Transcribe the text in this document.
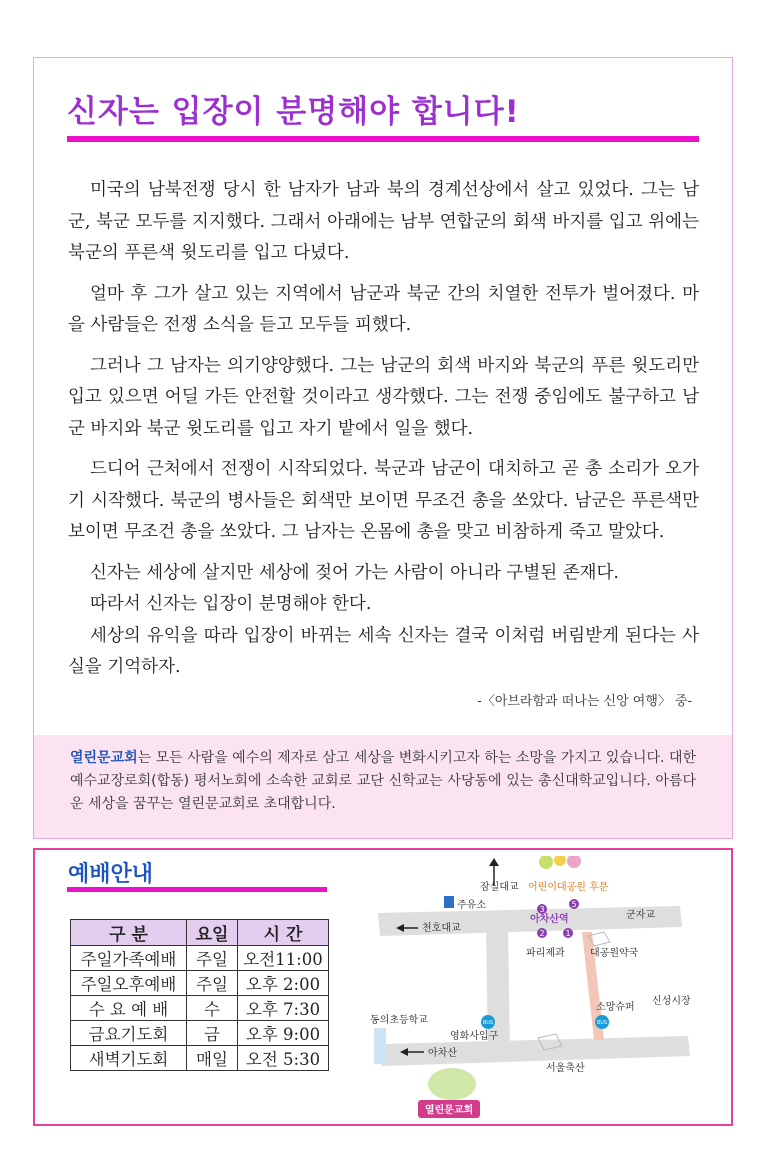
신자는 입장이 분명해야 합니다!

미국의 남북전쟁 당시 한 남자가 남과 북의 경계선상에서 살고 있었다. 그는 남군, 북군 모두를 지지했다. 그래서 아래에는 남부 연합군의 회색 바지를 입고 위에는 북군의 푸른색 윗도리를 입고 다녔다.

얼마 후 그가 살고 있는 지역에서 남군과 북군 간의 치열한 전투가 벌어졌다. 마을 사람들은 전쟁 소식을 듣고 모두들 피했다.

그러나 그 남자는 의기양양했다. 그는 남군의 회색 바지와 북군의 푸른 윗도리만 입고 있으면 어딜 가든 안전할 것이라고 생각했다. 그는 전쟁 중임에도 불구하고 남군 바지와 북군 윗도리를 입고 자기 밭에서 일을 했다.

드디어 근처에서 전쟁이 시작되었다. 북군과 남군이 대치하고 곧 총 소리가 오가기 시작했다. 북군의 병사들은 회색만 보이면 무조건 총을 쏘았다. 남군은 푸른색만 보이면 무조건 총을 쏘았다. 그 남자는 온몸에 총을 맞고 비참하게 죽고 말았다.

신자는 세상에 살지만 세상에 젖어 가는 사람이 아니라 구별된 존재다.

따라서 신자는 입장이 분명해야 한다.

세상의 유익을 따라 입장이 바뀌는 세속 신자는 결국 이처럼 버림받게 된다는 사실을 기억하자.

-〈아브라함과 떠나는 신앙 여행〉 중-
열린문교회는 모든 사람을 예수의 제자로 삼고 세상을 변화시키고자 하는 소망을 가지고 있습니다. 대한예수교장로회(합동) 평서노회에 소속한 교회로 교단 신학교는 사당동에 있는 총신대학교입니다. 아름다운 세상을 꿈꾸는 열린문교회로 초대합니다.
예배안내
구 분	요일	시 간
주일가족예배	주일	오전11:00
주일오후예배	주일	오후 2:00
수 요 예 배	수	오후 7:30
금요기도회	금	오후 9:00
새벽기도회	매일	오전 5:30
3
5
2	1
BUS	BUS
열린문교회
잠실대교 어린이대공원 후문
주유소
군자교
천호대교
아차산역
파리제과	대공원약국
신성시장
소망슈퍼
동의초등학교
영화사입구
아차산
서울축산
